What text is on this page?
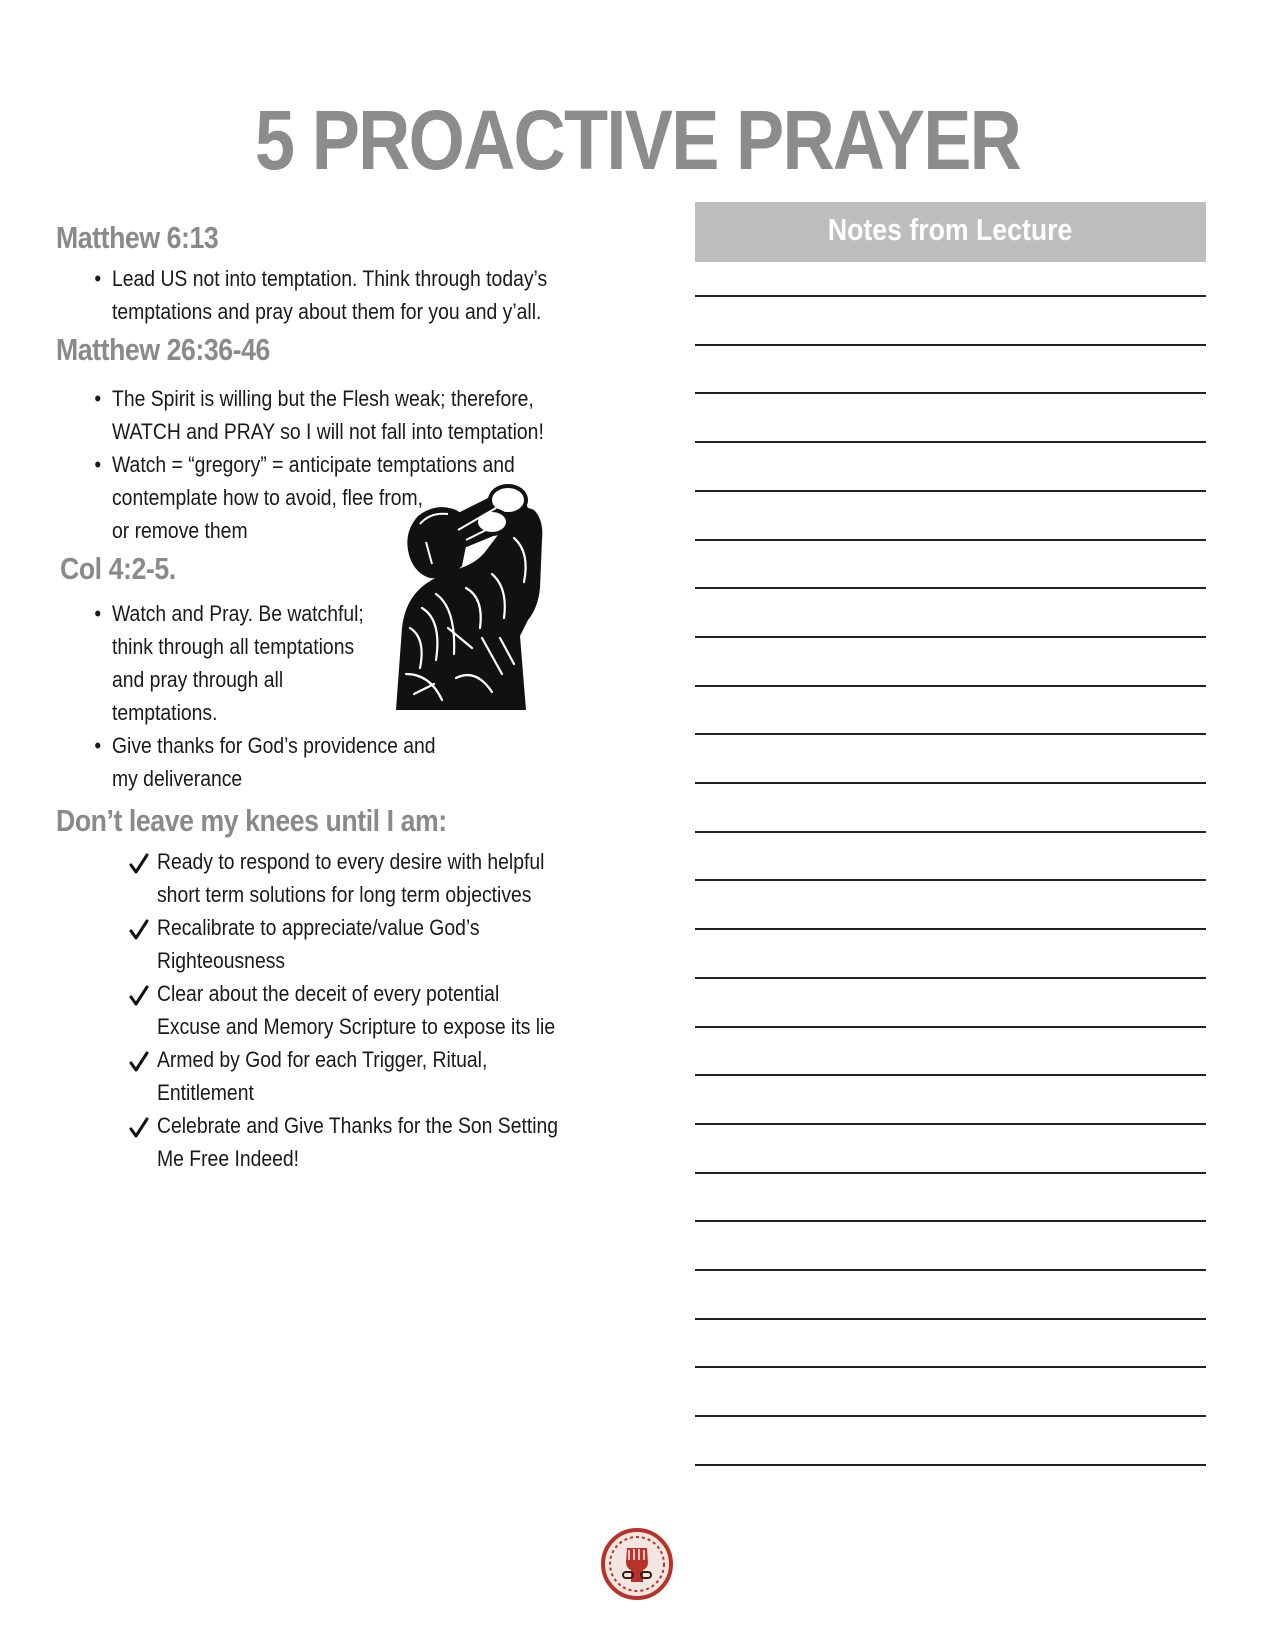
5 PROACTIVE PRAYER
Matthew 6:13
• Lead US not into temptation. Think through today’s
temptations and pray about them for you and y’all.
Matthew 26:36-46
• The Spirit is willing but the Flesh weak; therefore,
WATCH and PRAY so I will not fall into temptation!
• Watch = “gregory” = anticipate temptations and
contemplate how to avoid, flee from,
or remove them
Col 4:2-5.
• Watch and Pray. Be watchful;
think through all temptations
and pray through all
temptations.
• Give thanks for God’s providence and
my deliverance
Don’t leave my knees until I am:
Ready to respond to every desire with helpful
short term solutions for long term objectives
Recalibrate to appreciate/value God’s
Righteousness
Clear about the deceit of every potential
Excuse and Memory Scripture to expose its lie
Armed by God for each Trigger, Ritual,
Entitlement
Celebrate and Give Thanks for the Son Setting
Me Free Indeed!
Notes from Lecture
